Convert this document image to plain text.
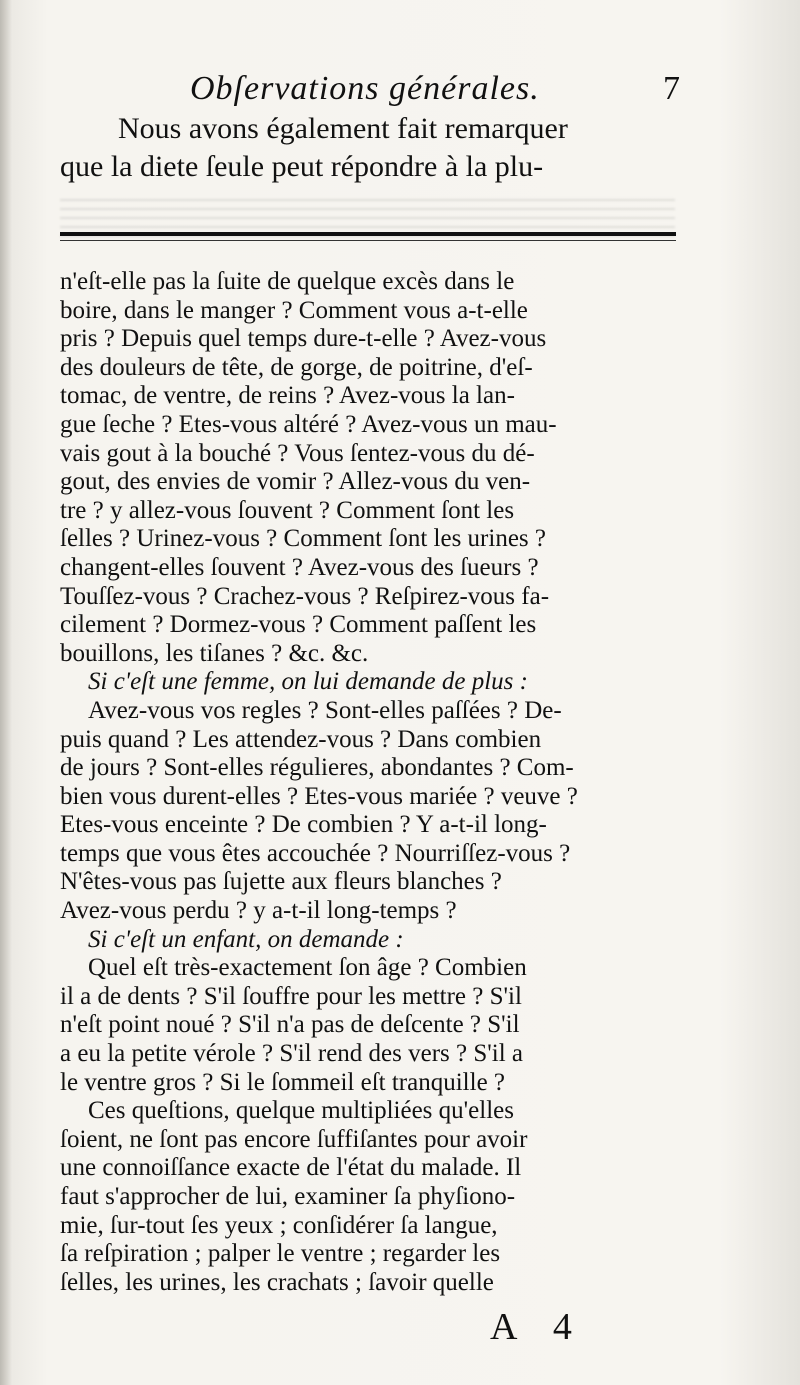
Obſervations générales.	7
Nous avons également fait remarquer
que la diete ſeule peut répondre à la plu-
n'eſt-elle pas la ſuite de quelque excès dans le
boire, dans le manger ? Comment vous a-t-elle
pris ? Depuis quel temps dure-t-elle ? Avez-vous
des douleurs de tête, de gorge, de poitrine, d'eſ-
tomac, de ventre, de reins ? Avez-vous la lan-
gue ſeche ? Etes-vous altéré ? Avez-vous un mau-
vais gout à la bouché ? Vous ſentez-vous du dé-
gout, des envies de vomir ? Allez-vous du ven-
tre ? y allez-vous ſouvent ? Comment ſont les
ſelles ? Urinez-vous ? Comment ſont les urines ?
changent-elles ſouvent ? Avez-vous des ſueurs ?
Touſſez-vous ? Crachez-vous ? Reſpirez-vous fa-
cilement ? Dormez-vous ? Comment paſſent les
bouillons, les tiſanes ? &c. &c.
Si c'eſt une femme, on lui demande de plus :
Avez-vous vos regles ? Sont-elles paſſées ? De-
puis quand ? Les attendez-vous ? Dans combien
de jours ? Sont-elles régulieres, abondantes ? Com-
bien vous durent-elles ? Etes-vous mariée ? veuve ?
Etes-vous enceinte ? De combien ? Y a-t-il long-
temps que vous êtes accouchée ? Nourriſſez-vous ?
N'êtes-vous pas ſujette aux fleurs blanches ?
Avez-vous perdu ? y a-t-il long-temps ?
Si c'eſt un enfant, on demande :
Quel eſt très-exactement ſon âge ? Combien
il a de dents ? S'il ſouffre pour les mettre ? S'il
n'eſt point noué ? S'il n'a pas de deſcente ? S'il
a eu la petite vérole ? S'il rend des vers ? S'il a
le ventre gros ? Si le ſommeil eſt tranquille ?
Ces queſtions, quelque multipliées qu'elles
ſoient, ne ſont pas encore ſuffiſantes pour avoir
une connoiſſance exacte de l'état du malade. Il
faut s'approcher de lui, examiner ſa phyſiono-
mie, ſur-tout ſes yeux ; conſidérer ſa langue,
ſa reſpiration ; palper le ventre ; regarder les
ſelles, les urines, les crachats ; ſavoir quelle
A 4
